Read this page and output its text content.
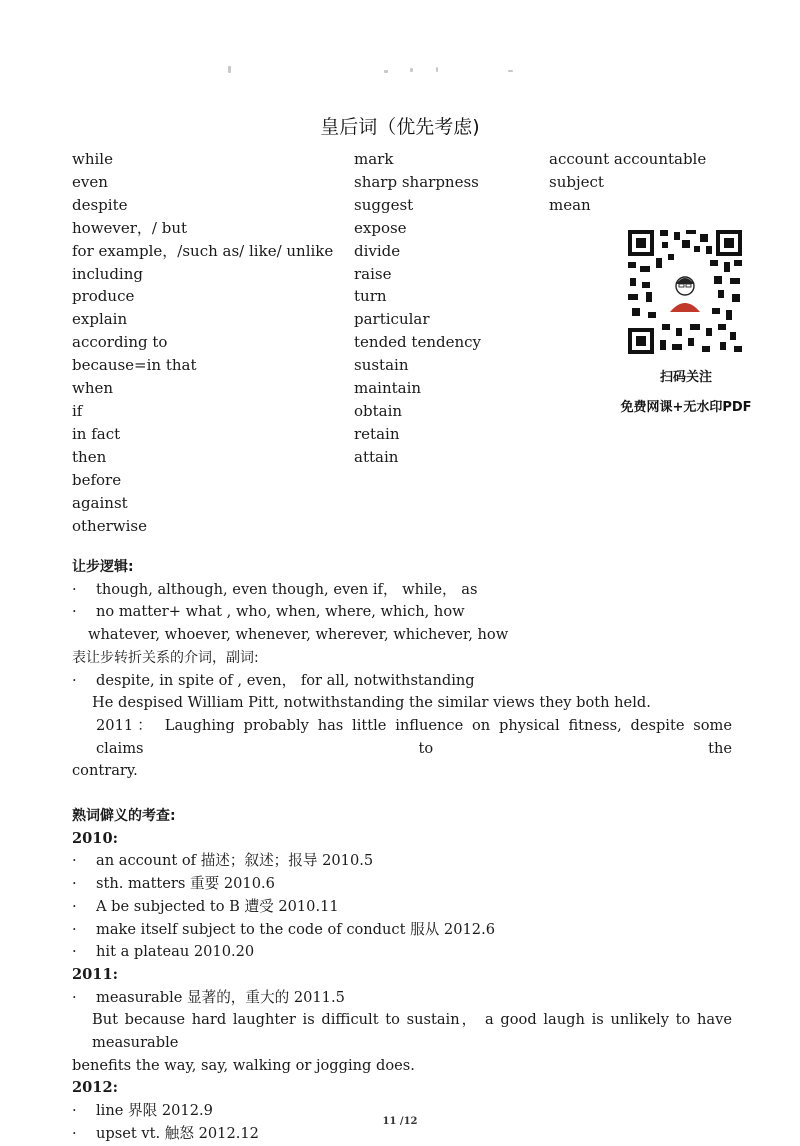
皇后词（优先考虑)
while
even
despite
however，/ but
for example，/such as/ like/ unlike
including
produce
explain
according to
because=in that
when
if
in fact
then
before
against
otherwise
mark
sharp sharpness
suggest
expose
divide
raise
turn
particular
tended tendency
sustain
maintain
obtain
retain
attain
account accountable
subject
mean
扫码关注
免费网课+无水印PDF
让步逻辑:
· though, although, even though, even if， while， as
· no matter+ what , who, when, where, which, how
whatever, whoever, whenever, wherever, whichever, how
表让步转折关系的介词，副词:
· despite, in spite of , even， for all, notwithstanding
He despised William Pitt, notwithstanding the similar views they both held.
2011： Laughing probably has little influence on physical fitness, despite some claims to the
contrary.
熟词僻义的考查:
2010:
· an account of 描述；叙述；报导 2010.5
· sth. matters 重要 2010.6
· A be subjected to B 遭受 2010.11
· make itself subject to the code of conduct 服从 2012.6
· hit a plateau 2010.20
2011:
· measurable 显著的，重大的 2011.5
But because hard laughter is difficult to sustain， a good laugh is unlikely to have measurable
benefits the way, say, walking or jogging does.
2012:
· line 界限 2012.9
· upset vt. 触怒 2012.12
11 /12
